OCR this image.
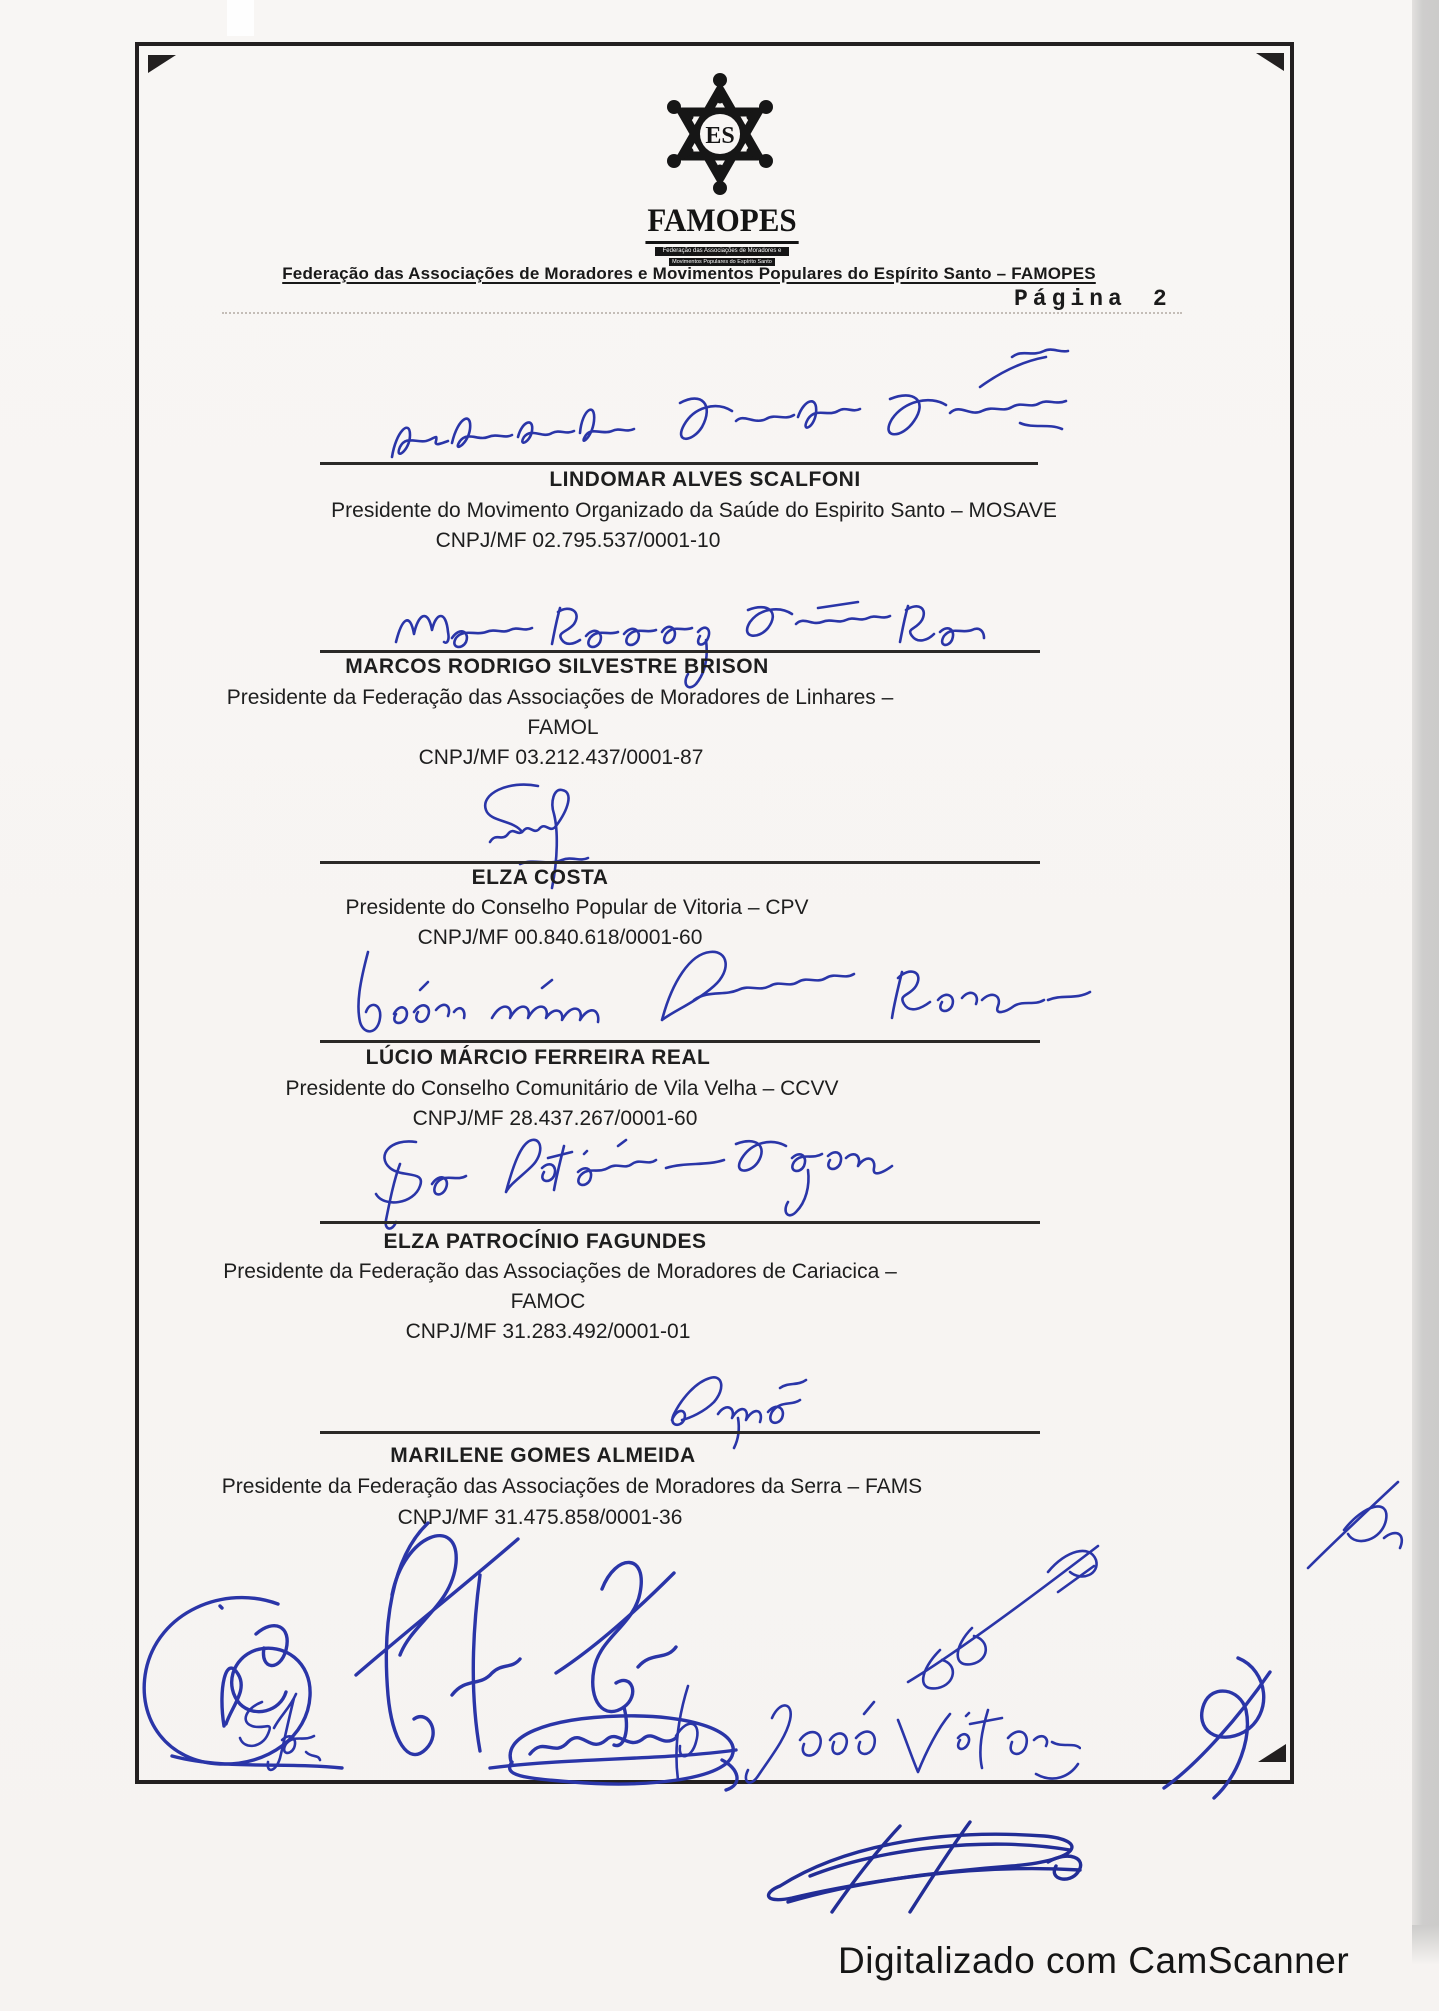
ES
FAMOPES
Federação das Associações de Moradores e
Movimentos Populares do Espírito Santo
Federação das Associações de Moradores e Movimentos Populares do Espírito Santo – FAMOPES
Página 2
LINDOMAR ALVES SCALFONI
Presidente do Movimento Organizado da Saúde do Espirito Santo – MOSAVE
CNPJ/MF 02.795.537/0001-10
MARCOS RODRIGO SILVESTRE BRISON
Presidente da Federação das Associações de Moradores de Linhares –
FAMOL
CNPJ/MF 03.212.437/0001-87
ELZA COSTA
Presidente do Conselho Popular de Vitoria – CPV
CNPJ/MF 00.840.618/0001-60
LÚCIO MÁRCIO FERREIRA REAL
Presidente do Conselho Comunitário de Vila Velha – CCVV
CNPJ/MF 28.437.267/0001-60
ELZA PATROCÍNIO FAGUNDES
Presidente da Federação das Associações de Moradores de Cariacica –
FAMOC
CNPJ/MF 31.283.492/0001-01
MARILENE GOMES ALMEIDA
Presidente da Federação das Associações de Moradores da Serra – FAMS
CNPJ/MF 31.475.858/0001-36
Digitalizado com CamScanner
